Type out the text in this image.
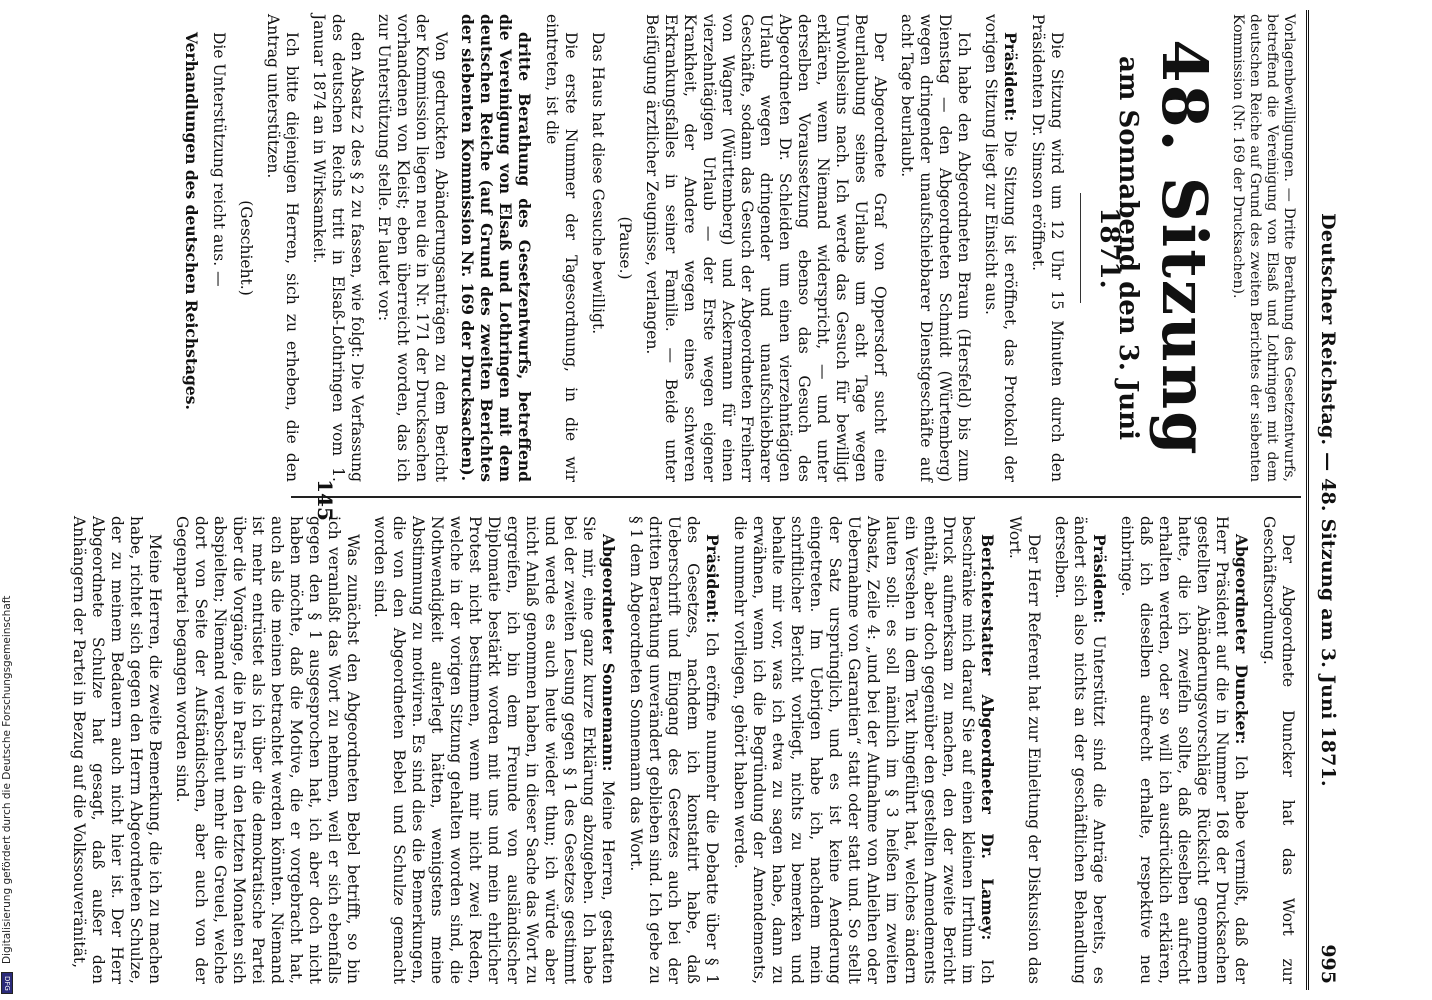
Deutscher Reichstag. — 48. Sitzung am 3. Juni 1871.
995

Vorlagenbewilligungen. — Dritte Berathung des Gesetzentwurfs, betreffend die Vereinigung von Elsaß und Lothringen mit dem deutschen Reiche auf Grund des zweiten Berichtes der siebenten Kommission (Nr. 169 der Drucksachen).

48. Sitzung
am Sonnabend den 3. Juni 1871.

Die Sitzung wird um 12 Uhr 15 Minuten durch den Präsidenten Dr. Simson eröffnet.

Präsident: Die Sitzung ist eröffnet, das Protokoll der vorigen Sitzung liegt zur Einsicht aus.

Ich habe den Abgeordneten Braun (Hersfeld) bis zum Dienstag — den Abgeordneten Schmidt (Würtemberg) wegen dringender unaufschiebbarer Dienstgeschäfte auf acht Tage beurlaubt.

Der Abgeordnete Graf von Oppersdorf sucht eine Beurlaubung seines Urlaubs um acht Tage wegen Unwohlseins nach. Ich werde das Gesuch für bewilligt erklären, wenn Niemand widerspricht, — und unter derselben Voraussetzung ebenso das Gesuch des Abgeordneten Dr. Schleiden um einen vierzehntägigen Urlaub wegen dringender und unaufschiebbarer Geschäfte, sodann das Gesuch der Abgeordneten Freiherr von Wagner (Württemberg) und Ackermann für einen vierzehntägigen Urlaub — der Erste wegen eigener Krankheit, der Andere wegen eines schweren Erkrankungsfalles in seiner Familie. — Beide unter Beifügung ärztlicher Zeugnisse, verlangen.

(Pause.)

Das Haus hat diese Gesuche bewilligt.

Die erste Nummer der Tagesordnung, in die wir eintreten, ist die

dritte Berathung des Gesetzentwurfs, betreffend die Vereinigung von Elsaß und Lothringen mit dem deutschen Reiche (auf Grund des zweiten Berichtes der siebenten Kommission Nr. 169 der Drucksachen).

Von gedruckten Abänderungsanträgen zu dem Bericht der Kommission liegen neu die in Nr. 171 der Drucksachen vorhandenen von Kleist; eben überreicht worden, das ich zur Unterstützung stelle. Er lautet vor:

den Absatz 2 des § 2 zu fassen, wie folgt: Die Verfassung des deutschen Reichs tritt in Elsaß-Lothringen vom 1. Januar 1874 an in Wirksamkeit.

Ich bitte diejenigen Herren, sich zu erheben, die den Antrag unterstützen.

(Geschieht.)

Die Unterstützung reicht aus. —

Verhandlungen des deutschen Reichstages.

Der Abgeordnete Duncker hat das Wort zur Geschäftsordnung.

Abgeordneter Duncker: Ich habe vermißt, daß der Herr Präsident auf die in Nummer 168 der Drucksachen gestellten Abänderungsvorschläge Rücksicht genommen hatte, die ich zweifeln sollte, daß dieselben aufrecht erhalten werden, oder so will ich ausdrücklich erklären, daß ich dieselben aufrecht erhalte, respektive neu einbringe.

Präsident: Unterstützt sind die Anträge bereits, es ändert sich also nichts an der geschäftlichen Behandlung derselben.

Der Herr Referent hat zur Einleitung der Diskussion das Wort.

Berichterstatter Abgeordneter Dr. Lamey: Ich beschränke mich darauf Sie auf einen kleinen Irrthum im Druck aufmerksam zu machen, den der zweite Bericht enthält, aber doch gegenüber den gestellten Amendements ein Versehen in dem Text hingeführt hat, welches ändern lauten soll: es soll nämlich im § 3 heißen im zweiten Absatz, Zeile 4: „und bei der Aufnahme von Anleihen oder Uebernahme von Garantien“ statt oder statt und. So stellt der Satz ursprünglich, und es ist keine Aenderung eingetreten. Im Uebrigen habe ich, nachdem mein schriftlicher Bericht vorliegt, nichts zu bemerken und behalte mir vor, was ich etwa zu sagen habe, dann zu erwähnen, wenn ich die Begründung der Amendements, die nunmehr vorliegen, gehört haben werde.

Präsident: Ich eröffne nunmehr die Debatte über § 1 des Gesetzes, nachdem ich konstatirt habe, daß Ueberschrift und Eingang des Gesetzes auch bei der dritten Berathung unverändert geblieben sind. Ich gebe zu § 1 dem Abgeordneten Sonnemann das Wort.

Abgeordneter Sonnemann: Meine Herren, gestatten Sie mir, eine ganz kurze Erklärung abzugeben. Ich habe bei der zweiten Lesung gegen § 1 des Gesetzes gestimmt und werde es auch heute wieder thun; ich würde aber nicht Anlaß genommen haben, in dieser Sache das Wort zu ergreifen, ich bin dem Freunde von ausländischer Diplomatie bestärkt worden mit uns und mein ehrlicher Protest nicht bestimmen, wenn mir nicht zwei Reden, welche in der vorigen Sitzung gehalten worden sind, die Nothwendigkeit auferlegt hätten, wenigstens meine Abstimmung zu motiviren. Es sind dies die Bemerkungen, die von den Abgeordneten Bebel und Schulze gemacht worden sind.

Was zunächst den Abgeordneten Bebel betrifft, so bin ich veranlaßt das Wort zu nehmen, weil er sich ebenfalls gegen den § 1 ausgesprochen hat, ich aber doch nicht haben möchte, daß die Motive, die er vorgebracht hat, auch als die meinen betrachtet werden könnten. Niemand ist mehr entrüstet als ich über die demokratische Partei über die Vorgänge, die in Paris in den letzten Monaten sich abspielten; Niemand verabscheut mehr die Greuel, welche dort von Seite der Aufständischen, aber auch von der Gegenpartei begangen worden sind.

Meine Herren, die zweite Bemerkung, die ich zu machen habe, richtet sich gegen den Herrn Abgeordneten Schulze, der zu meinem Bedauern auch nicht hier ist. Der Herr Abgeordnete Schulze hat gesagt, daß außer den Anhängern der Partei in Bezug auf die Volkssouveränität,

145
Digitalisierung gefördert durch die Deutsche Forschungsgemeinschaft
DFG
